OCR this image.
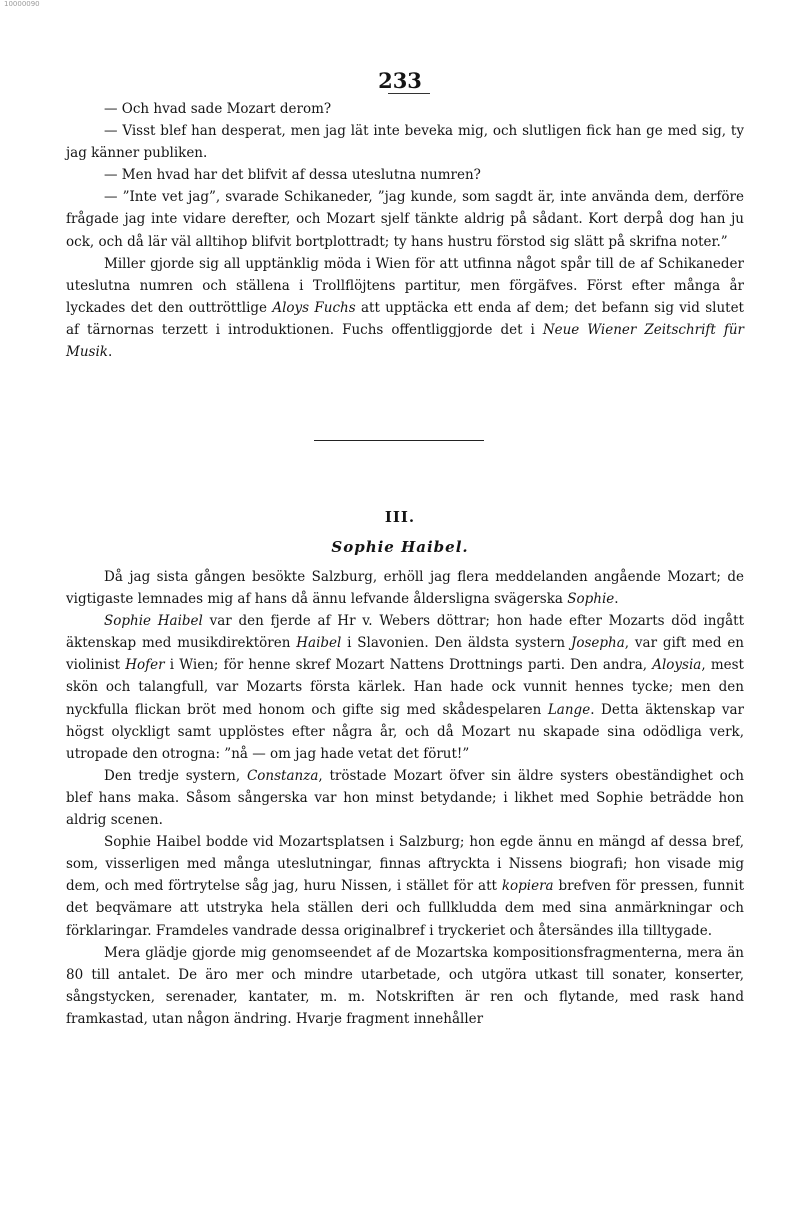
10000090
233

— Och hvad sade Mozart derom?

— Visst blef han desperat, men jag lät inte beveka mig, och slutligen fick han ge med sig, ty jag känner publiken.

— Men hvad har det blifvit af dessa uteslutna numren?

— ”Inte vet jag”, svarade Schikaneder, ”jag kunde, som sagdt är, inte använda dem, derföre frågade jag inte vidare derefter, och Mozart sjelf tänkte aldrig på sådant. Kort derpå dog han ju ock, och då lär väl alltihop blifvit bortplottradt; ty hans hustru förstod sig slätt på skrifna noter.”

Miller gjorde sig all upptänklig möda i Wien för att utfinna något spår till de af Schikaneder uteslutna numren och ställena i Trollflöjtens partitur, men förgäfves. Först efter många år lyckades det den outtröttlige Aloys Fuchs att upptäcka ett enda af dem; det befann sig vid slutet af tärnornas terzett i introduktionen. Fuchs offentliggjorde det i Neue Wiener Zeitschrift für Musik.

III.
Sophie Haibel.

Då jag sista gången besökte Salzburg, erhöll jag flera meddelanden angående Mozart; de vigtigaste lemnades mig af hans då ännu lefvande åldersligna svägerska Sophie.

Sophie Haibel var den fjerde af Hr v. Webers döttrar; hon hade efter Mozarts död ingått äktenskap med musikdirektören Haibel i Slavonien. Den äldsta systern Josepha, var gift med en violinist Hofer i Wien; för henne skref Mozart Nattens Drottnings parti. Den andra, Aloysia, mest skön och talangfull, var Mozarts första kärlek. Han hade ock vunnit hennes tycke; men den nyckfulla flickan bröt med honom och gifte sig med skådespelaren Lange. Detta äktenskap var högst olyckligt samt upplöstes efter några år, och då Mozart nu skapade sina odödliga verk, utropade den otrogna: ”nå — om jag hade vetat det förut!”

Den tredje systern, Constanza, tröstade Mozart öfver sin äldre systers obeständighet och blef hans maka. Såsom sångerska var hon minst betydande; i likhet med Sophie beträdde hon aldrig scenen.

Sophie Haibel bodde vid Mozartsplatsen i Salzburg; hon egde ännu en mängd af dessa bref, som, visserligen med många uteslutningar, finnas aftryckta i Nissens biografi; hon visade mig dem, och med förtrytelse såg jag, huru Nissen, i stället för att kopiera brefven för pressen, funnit det beqvämare att utstryka hela ställen deri och fullkludda dem med sina anmärkningar och förklaringar. Framdeles vandrade dessa originalbref i tryckeriet och återsändes illa tilltygade.

Mera glädje gjorde mig genomseendet af de Mozartska kompositionsfragmenterna, mera än 80 till antalet. De äro mer och mindre utarbetade, och utgöra utkast till sonater, konserter, sångstycken, serenader, kantater, m. m. Notskriften är ren och flytande, med rask hand framkastad, utan någon ändring. Hvarje fragment innehåller
